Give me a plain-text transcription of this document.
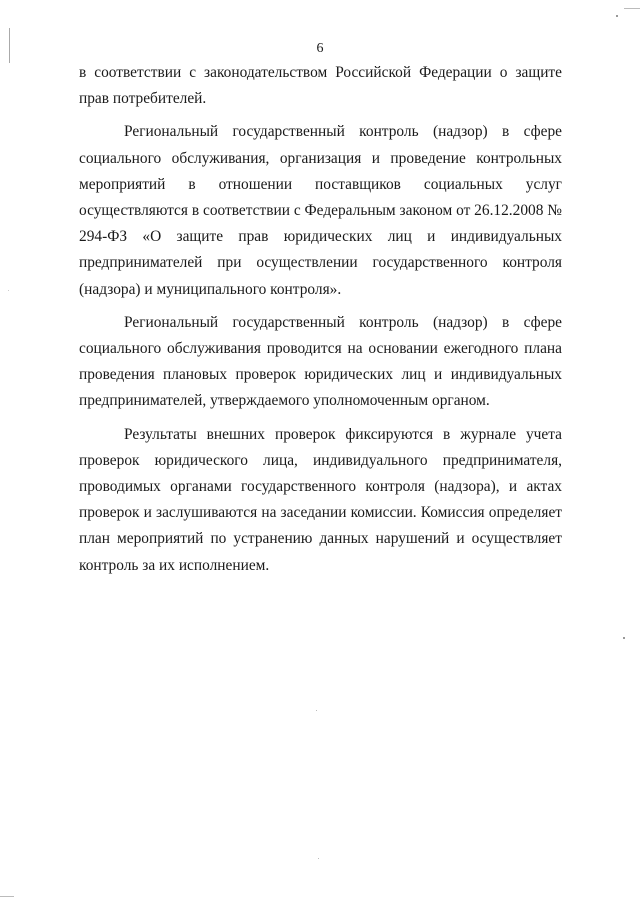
6

в соответствии с законодательством Российской Федерации о защите прав потребителей.

Региональный государственный контроль (надзор) в сфере социального обслуживания, организация и проведение контрольных мероприятий в отношении поставщиков социальных услуг осуществляются в соответствии с Федеральным законом от 26.12.2008 № 294-ФЗ «О защите прав юридических лиц и индивидуальных предпринимателей при осуществлении государственного контроля (надзора) и муниципального контроля».

Региональный государственный контроль (надзор) в сфере социального обслуживания проводится на основании ежегодного плана проведения плановых проверок юридических лиц и индивидуальных предпринимателей, утверждаемого уполномоченным органом.

Результаты внешних проверок фиксируются в журнале учета проверок юридического лица, индивидуального предпринимателя, проводимых органами государственного контроля (надзора), и актах проверок и заслушиваются на заседании комиссии. Комиссия определяет план мероприятий по устранению данных нарушений и осуществляет контроль за их исполнением.
